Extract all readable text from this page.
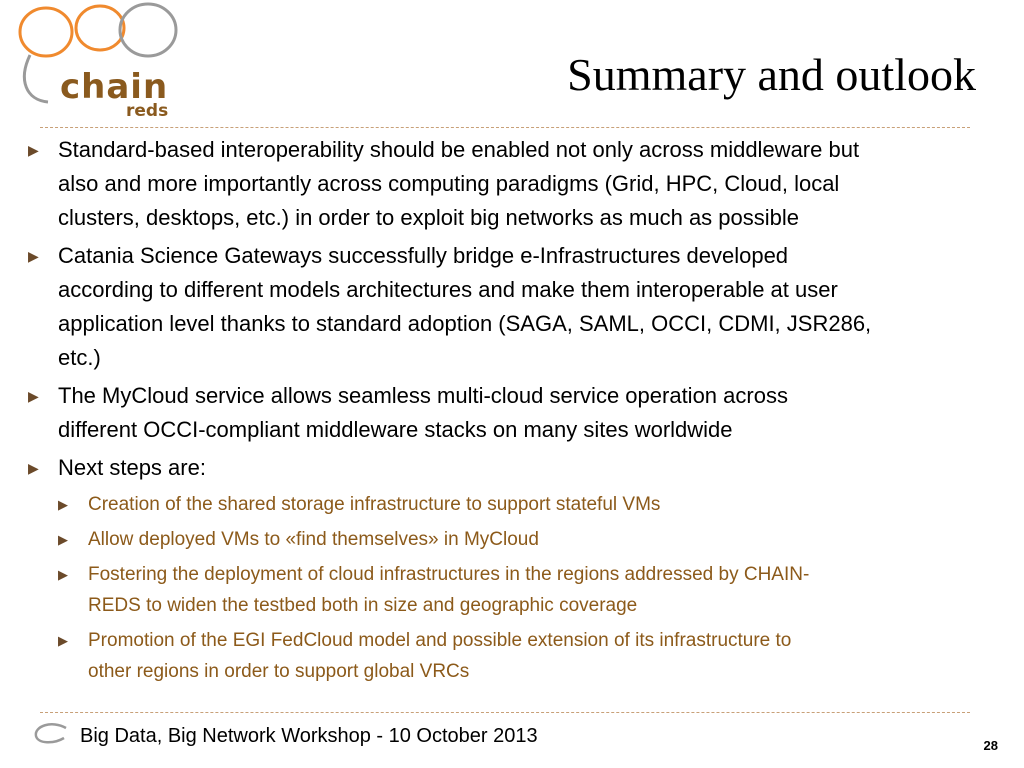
chain
reds
Summary and outlook
▶ Standard-based interoperability should be enabled not only across middleware but
also and more importantly across computing paradigms (Grid, HPC, Cloud, local
clusters, desktops, etc.) in order to exploit big networks as much as possible
▶ Catania Science Gateways successfully bridge e-Infrastructures developed
according to different models architectures and make them interoperable at user
application level thanks to standard adoption (SAGA, SAML, OCCI, CDMI, JSR286,
etc.)
▶ The MyCloud service allows seamless multi-cloud service operation across
different OCCI-compliant middleware stacks on many sites worldwide
▶ Next steps are:
▶ Creation of the shared storage infrastructure to support stateful VMs
▶ Allow deployed VMs to «find themselves» in MyCloud
▶ Fostering the deployment of cloud infrastructures in the regions addressed by CHAIN-
REDS to widen the testbed both in size and geographic coverage
▶ Promotion of the EGI FedCloud model and possible extension of its infrastructure to
other regions in order to support global VRCs
Big Data, Big Network Workshop - 10 October 2013	28
